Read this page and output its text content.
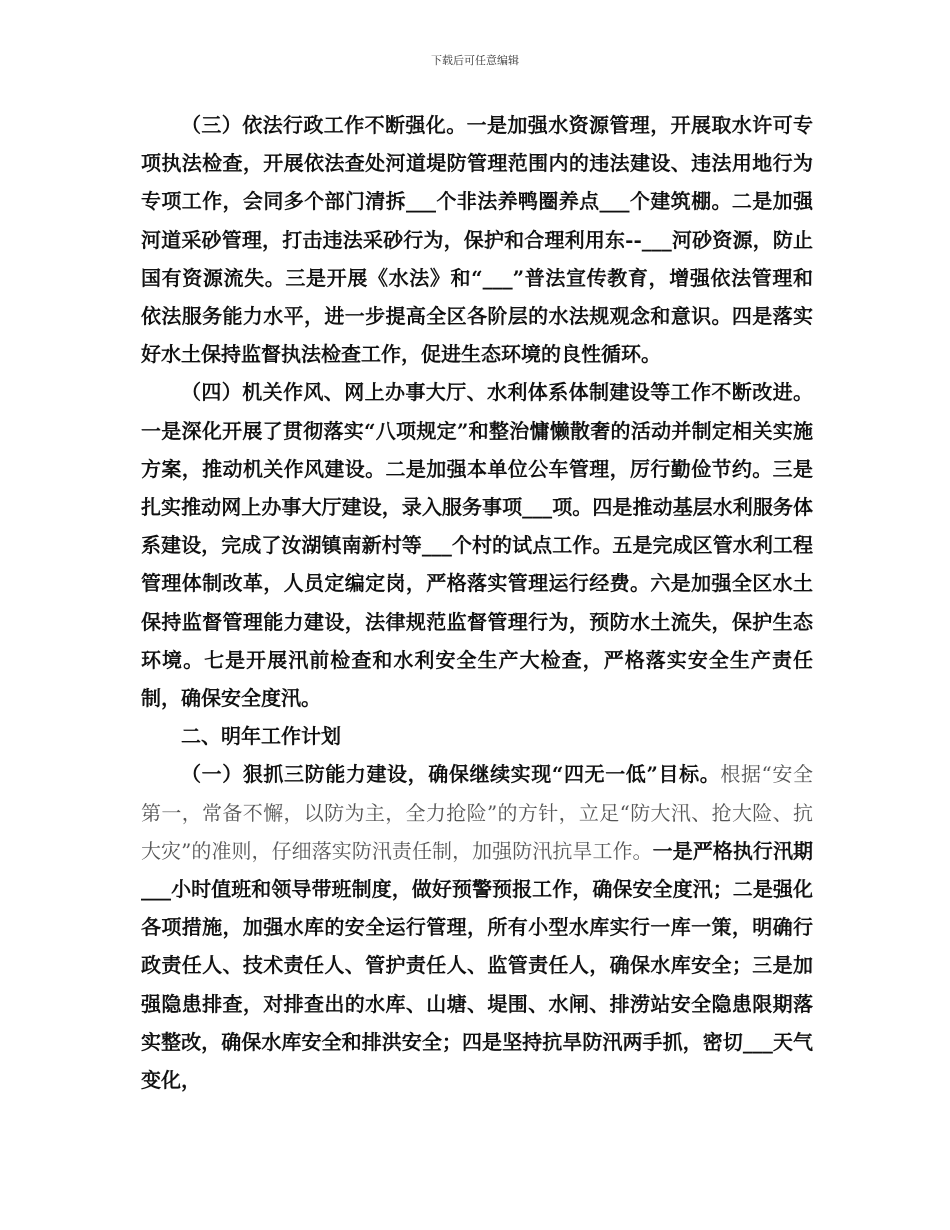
下载后可任意编辑

（三）依法行政工作不断强化。一是加强水资源管理，开展取水许可专项执法检查，开展依法查处河道堤防管理范围内的违法建设、违法用地行为专项工作，会同多个部门清拆___个非法养鸭圈养点___个建筑棚。二是加强河道采砂管理，打击违法采砂行为，保护和合理利用东--___河砂资源，防止国有资源流失。三是开展《水法》和“___”普法宣传教育，增强依法管理和依法服务能力水平，进一步提高全区各阶层的水法规观念和意识。四是落实好水土保持监督执法检查工作，促进生态环境的良性循环。

（四）机关作风、网上办事大厅、水利体系体制建设等工作不断改进。一是深化开展了贯彻落实“八项规定”和整治慵懒散奢的活动并制定相关实施方案，推动机关作风建设。二是加强本单位公车管理，厉行勤俭节约。三是扎实推动网上办事大厅建设，录入服务事项___项。四是推动基层水利服务体系建设，完成了汝湖镇南新村等___个村的试点工作。五是完成区管水利工程管理体制改革，人员定编定岗，严格落实管理运行经费。六是加强全区水土保持监督管理能力建设，法律规范监督管理行为，预防水土流失，保护生态环境。七是开展汛前检查和水利安全生产大检查，严格落实安全生产责任制，确保安全度汛。

二、明年工作计划

（一）狠抓三防能力建设，确保继续实现“四无一低”目标。根据“安全第一，常备不懈，以防为主，全力抢险”的方针，立足“防大汛、抢大险、抗大灾”的准则，仔细落实防汛责任制，加强防汛抗旱工作。一是严格执行汛期___小时值班和领导带班制度，做好预警预报工作，确保安全度汛；二是强化各项措施，加强水库的安全运行管理，所有小型水库实行一库一策，明确行政责任人、技术责任人、管护责任人、监管责任人，确保水库安全；三是加强隐患排查，对排查出的水库、山塘、堤围、水闸、排涝站安全隐患限期落实整改，确保水库安全和排洪安全；四是坚持抗旱防汛两手抓，密切___天气变化，
